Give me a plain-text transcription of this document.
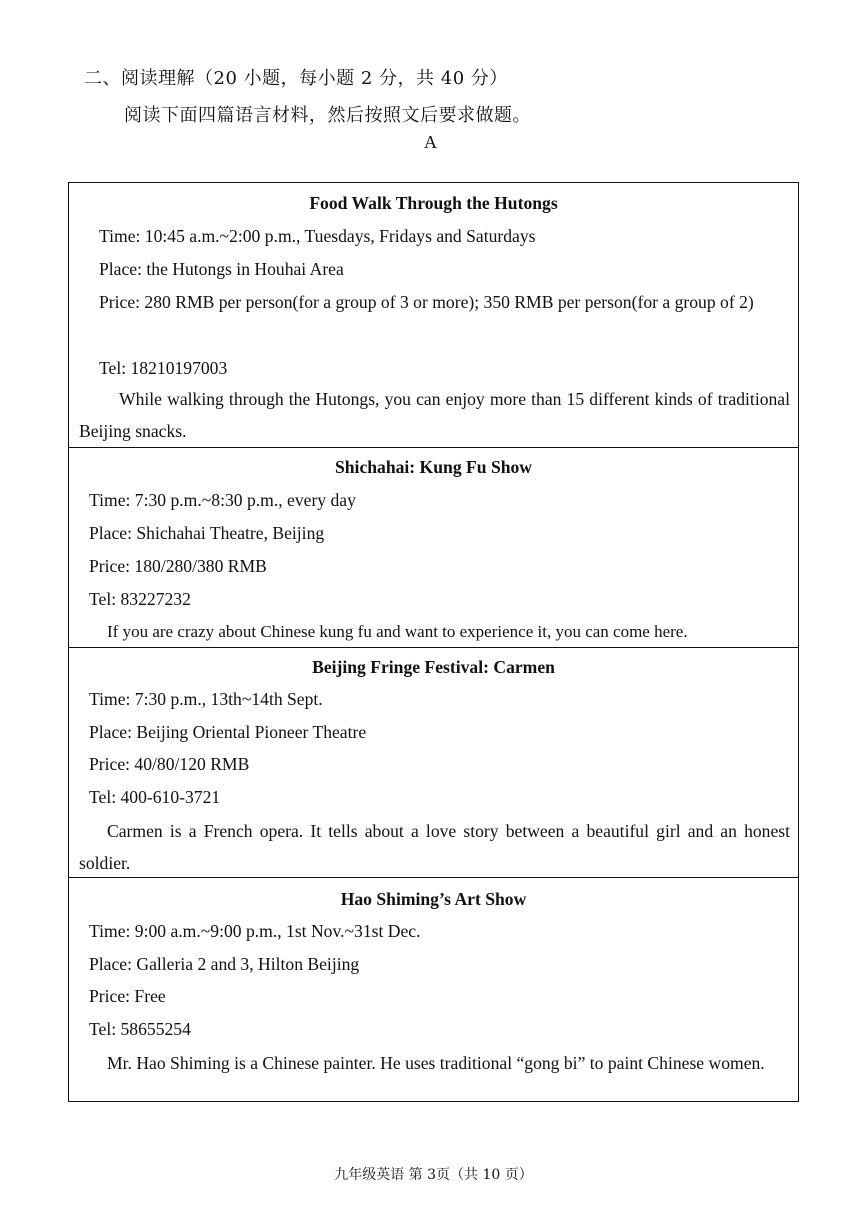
二、阅读理解（20 小题，每小题 2 分，共 40 分）
阅读下面四篇语言材料，然后按照文后要求做题。
A
Food Walk Through the Hutongs
Time: 10:45 a.m.~2:00 p.m., Tuesdays, Fridays and Saturdays
Place: the Hutongs in Houhai Area
Price: 280 RMB per person(for a group of 3 or more); 350 RMB per person(for a group of 2)
Tel: 18210197003
While walking through the Hutongs, you can enjoy more than 15 different kinds of traditional Beijing snacks.
Shichahai: Kung Fu Show
Time: 7:30 p.m.~8:30 p.m., every day
Place: Shichahai Theatre, Beijing
Price: 180/280/380 RMB
Tel: 83227232
If you are crazy about Chinese kung fu and want to experience it, you can come here.
Beijing Fringe Festival: Carmen
Time: 7:30 p.m., 13th~14th Sept.
Place: Beijing Oriental Pioneer Theatre
Price: 40/80/120 RMB
Tel: 400-610-3721
Carmen is a French opera. It tells about a love story between a beautiful girl and an honest soldier.
Hao Shiming’s Art Show
Time: 9:00 a.m.~9:00 p.m., 1st Nov.~31st Dec.
Place: Galleria 2 and 3, Hilton Beijing
Price: Free
Tel: 58655254
Mr. Hao Shiming is a Chinese painter. He uses traditional “gong bi” to paint Chinese women.
九年级英语 第 3页（共 10 页）
